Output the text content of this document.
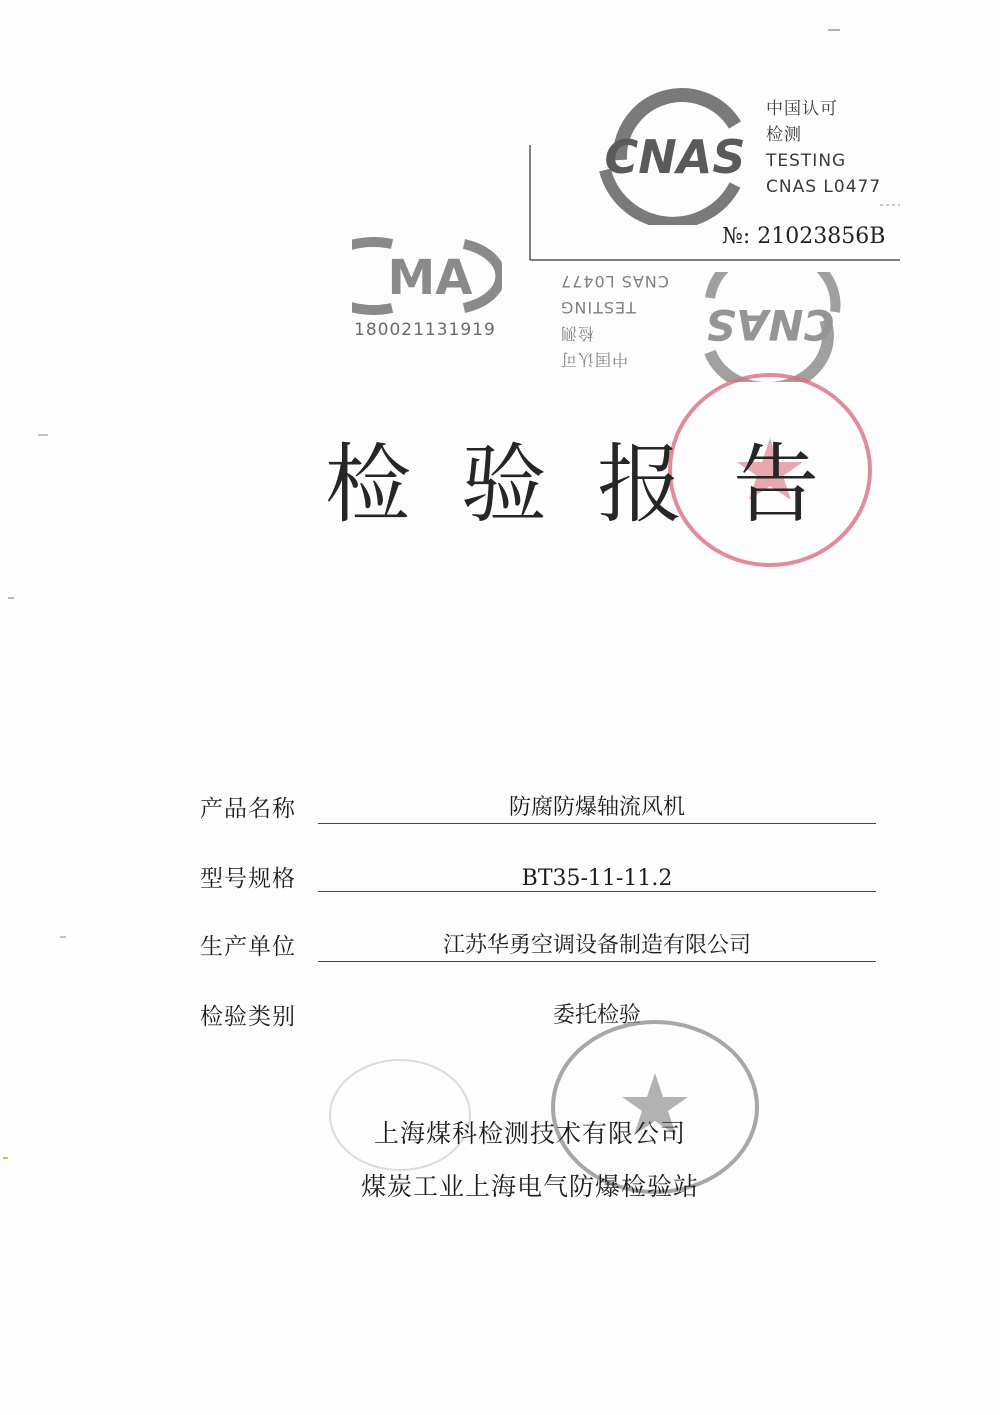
CNAS
中国认可
检测
TESTING
CNAS L0477
№: 21023856B
MA
180021131919
中国认可
检测
TESTING
CNAS L0477
CNAS
检验报告
产品名称	防腐防爆轴流风机
型号规格	BT35-11-11.2
生产单位	江苏华勇空调设备制造有限公司
检验类别	委托检验
上海煤科检测技术有限公司
煤炭工业上海电气防爆检验站
